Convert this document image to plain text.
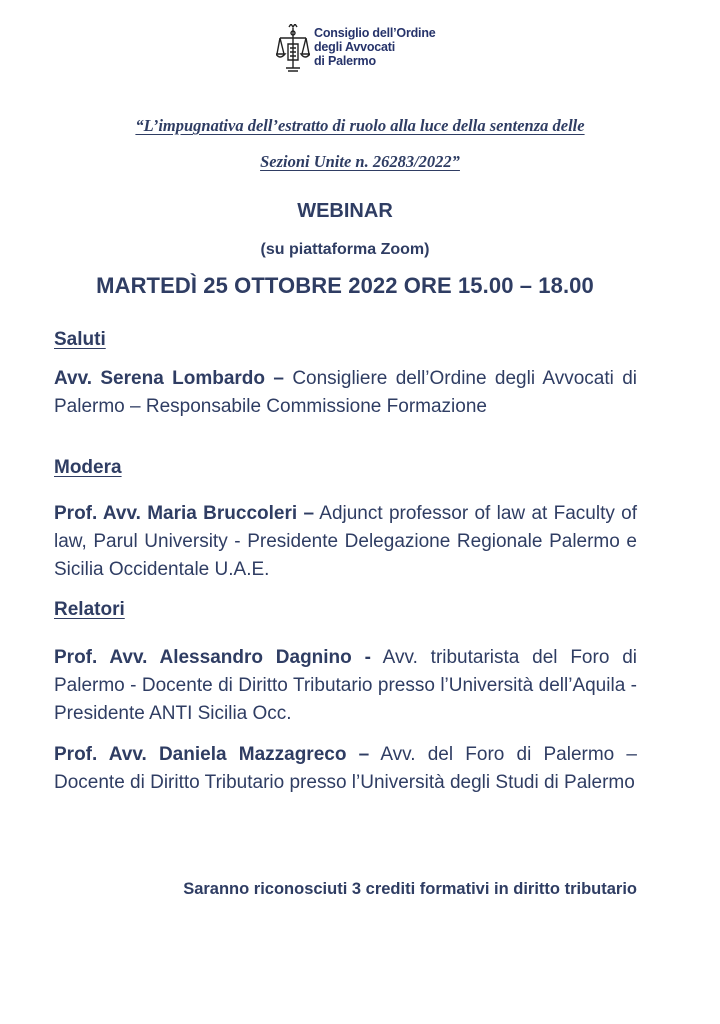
Consiglio dell’Ordine
degli Avvocati
di Palermo
“L’impugnativa dell’estratto di ruolo alla luce della sentenza delle
Sezioni Unite n. 26283/2022”
WEBINAR
(su piattaforma Zoom)
MARTEDÌ 25 OTTOBRE 2022 ORE 15.00 – 18.00
Saluti
Avv. Serena Lombardo – Consigliere dell’Ordine degli Avvocati di Palermo – Responsabile Commissione Formazione
Modera
Prof. Avv. Maria Bruccoleri – Adjunct professor of law at Faculty of law, Parul University - Presidente Delegazione Regionale Palermo e Sicilia Occidentale U.A.E.
Relatori
Prof. Avv. Alessandro Dagnino - Avv. tributarista del Foro di Palermo - Docente di Diritto Tributario presso l’Università dell’Aquila - Presidente ANTI Sicilia Occ.
Prof. Avv. Daniela Mazzagreco – Avv. del Foro di Palermo – Docente di Diritto Tributario presso l’Università degli Studi di Palermo
Saranno riconosciuti 3 crediti formativi in diritto tributario
